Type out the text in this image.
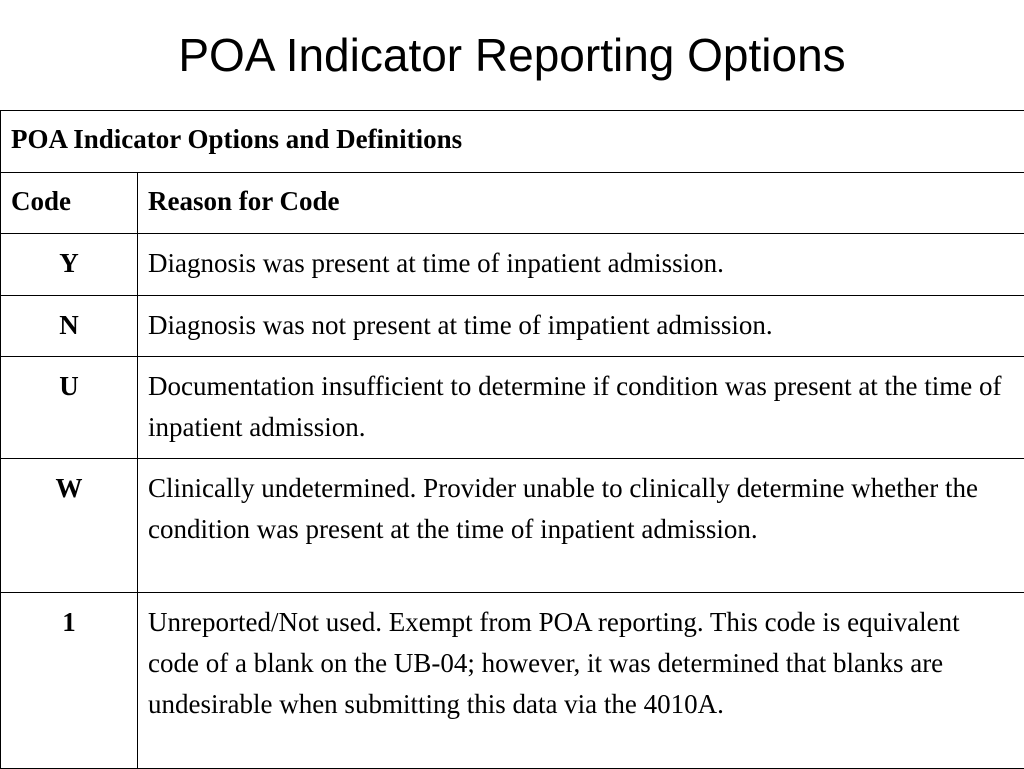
POA Indicator Reporting Options
POA Indicator Options and Definitions	
Code	Reason for Code
Y	Diagnosis was present at time of inpatient admission.
N	Diagnosis was not present at time of impatient admission.
U	Documentation insufficient to determine if condition was present at the time of inpatient admission.
W	Clinically undetermined. Provider unable to clinically determine whether the condition was present at the time of inpatient admission.
1	Unreported/Not used. Exempt from POA reporting. This code is equivalent code of a blank on the UB-04; however, it was determined that blanks are undesirable when submitting this data via the 4010A.
